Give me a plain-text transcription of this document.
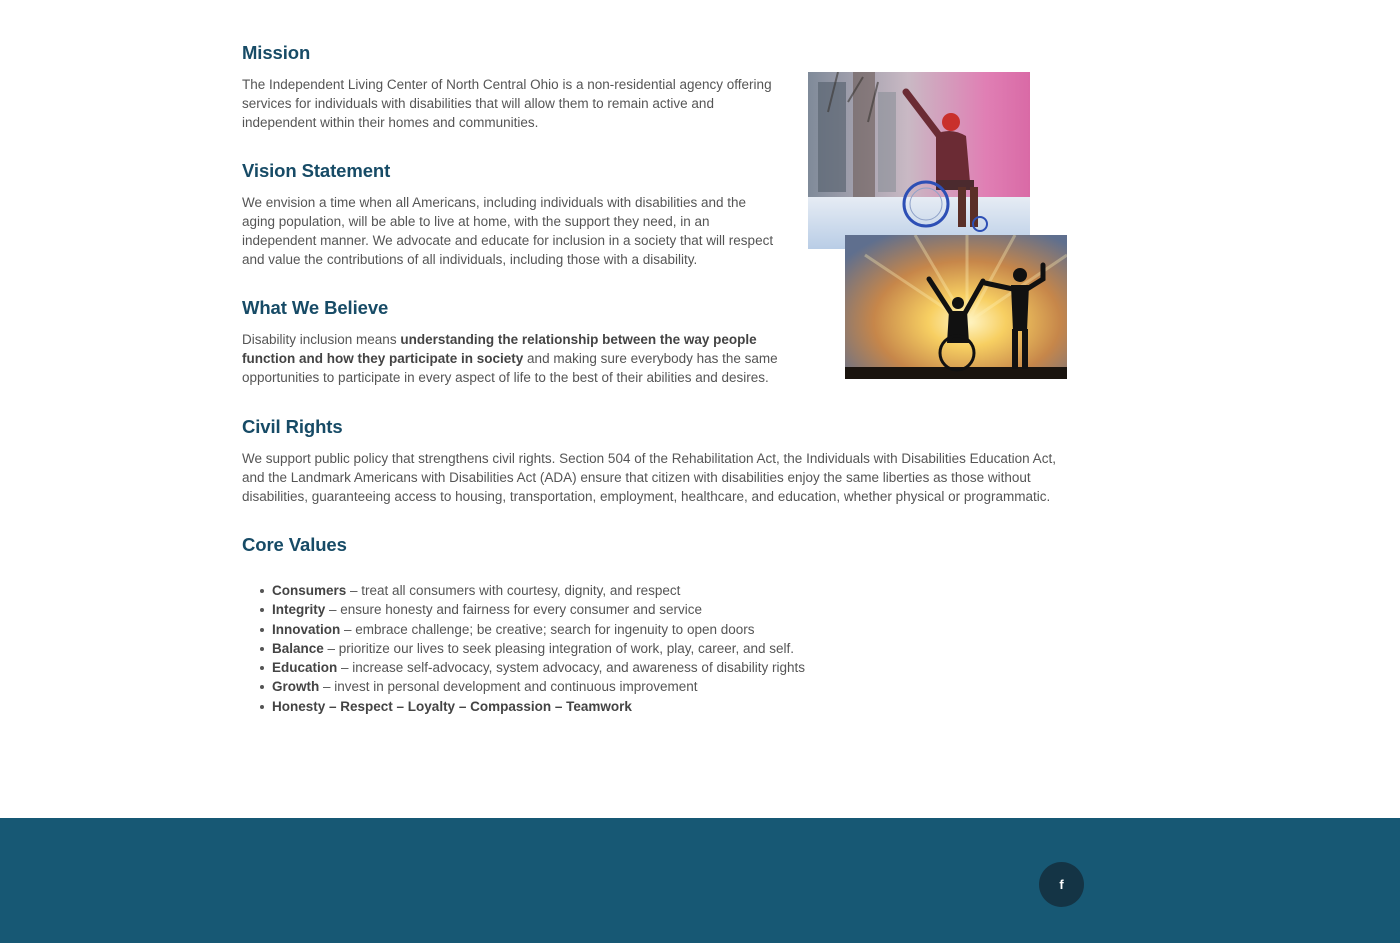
Mission

The Independent Living Center of North Central Ohio is a non-residential agency offering services for individuals with disabilities that will allow them to remain active and independent within their homes and communities.

Vision Statement

We envision a time when all Americans, including individuals with disabilities and the aging population, will be able to live at home, with the support they need, in an independent manner. We advocate and educate for inclusion in a society that will respect and value the contributions of all individuals, including those with a disability.

What We Believe

Disability inclusion means understanding the relationship between the way people function and how they participate in society and making sure everybody has the same opportunities to participate in every aspect of life to the best of their abilities and desires.

Civil Rights

We support public policy that strengthens civil rights. Section 504 of the Rehabilitation Act, the Individuals with Disabilities Education Act, and the Landmark Americans with Disabilities Act (ADA) ensure that citizen with disabilities enjoy the same liberties as those without disabilities, guaranteeing access to housing, transportation, employment, healthcare, and education, whether physical or programmatic.

Core Values
Consumers – treat all consumers with courtesy, dignity, and respect
Integrity – ensure honesty and fairness for every consumer and service
Innovation – embrace challenge; be creative; search for ingenuity to open doors
Balance – prioritize our lives to seek pleasing integration of work, play, career, and self.
Education – increase self-advocacy, system advocacy, and awareness of disability rights
Growth – invest in personal development and continuous improvement
Honesty – Respect – Loyalty – Compassion – Teamwork
f
